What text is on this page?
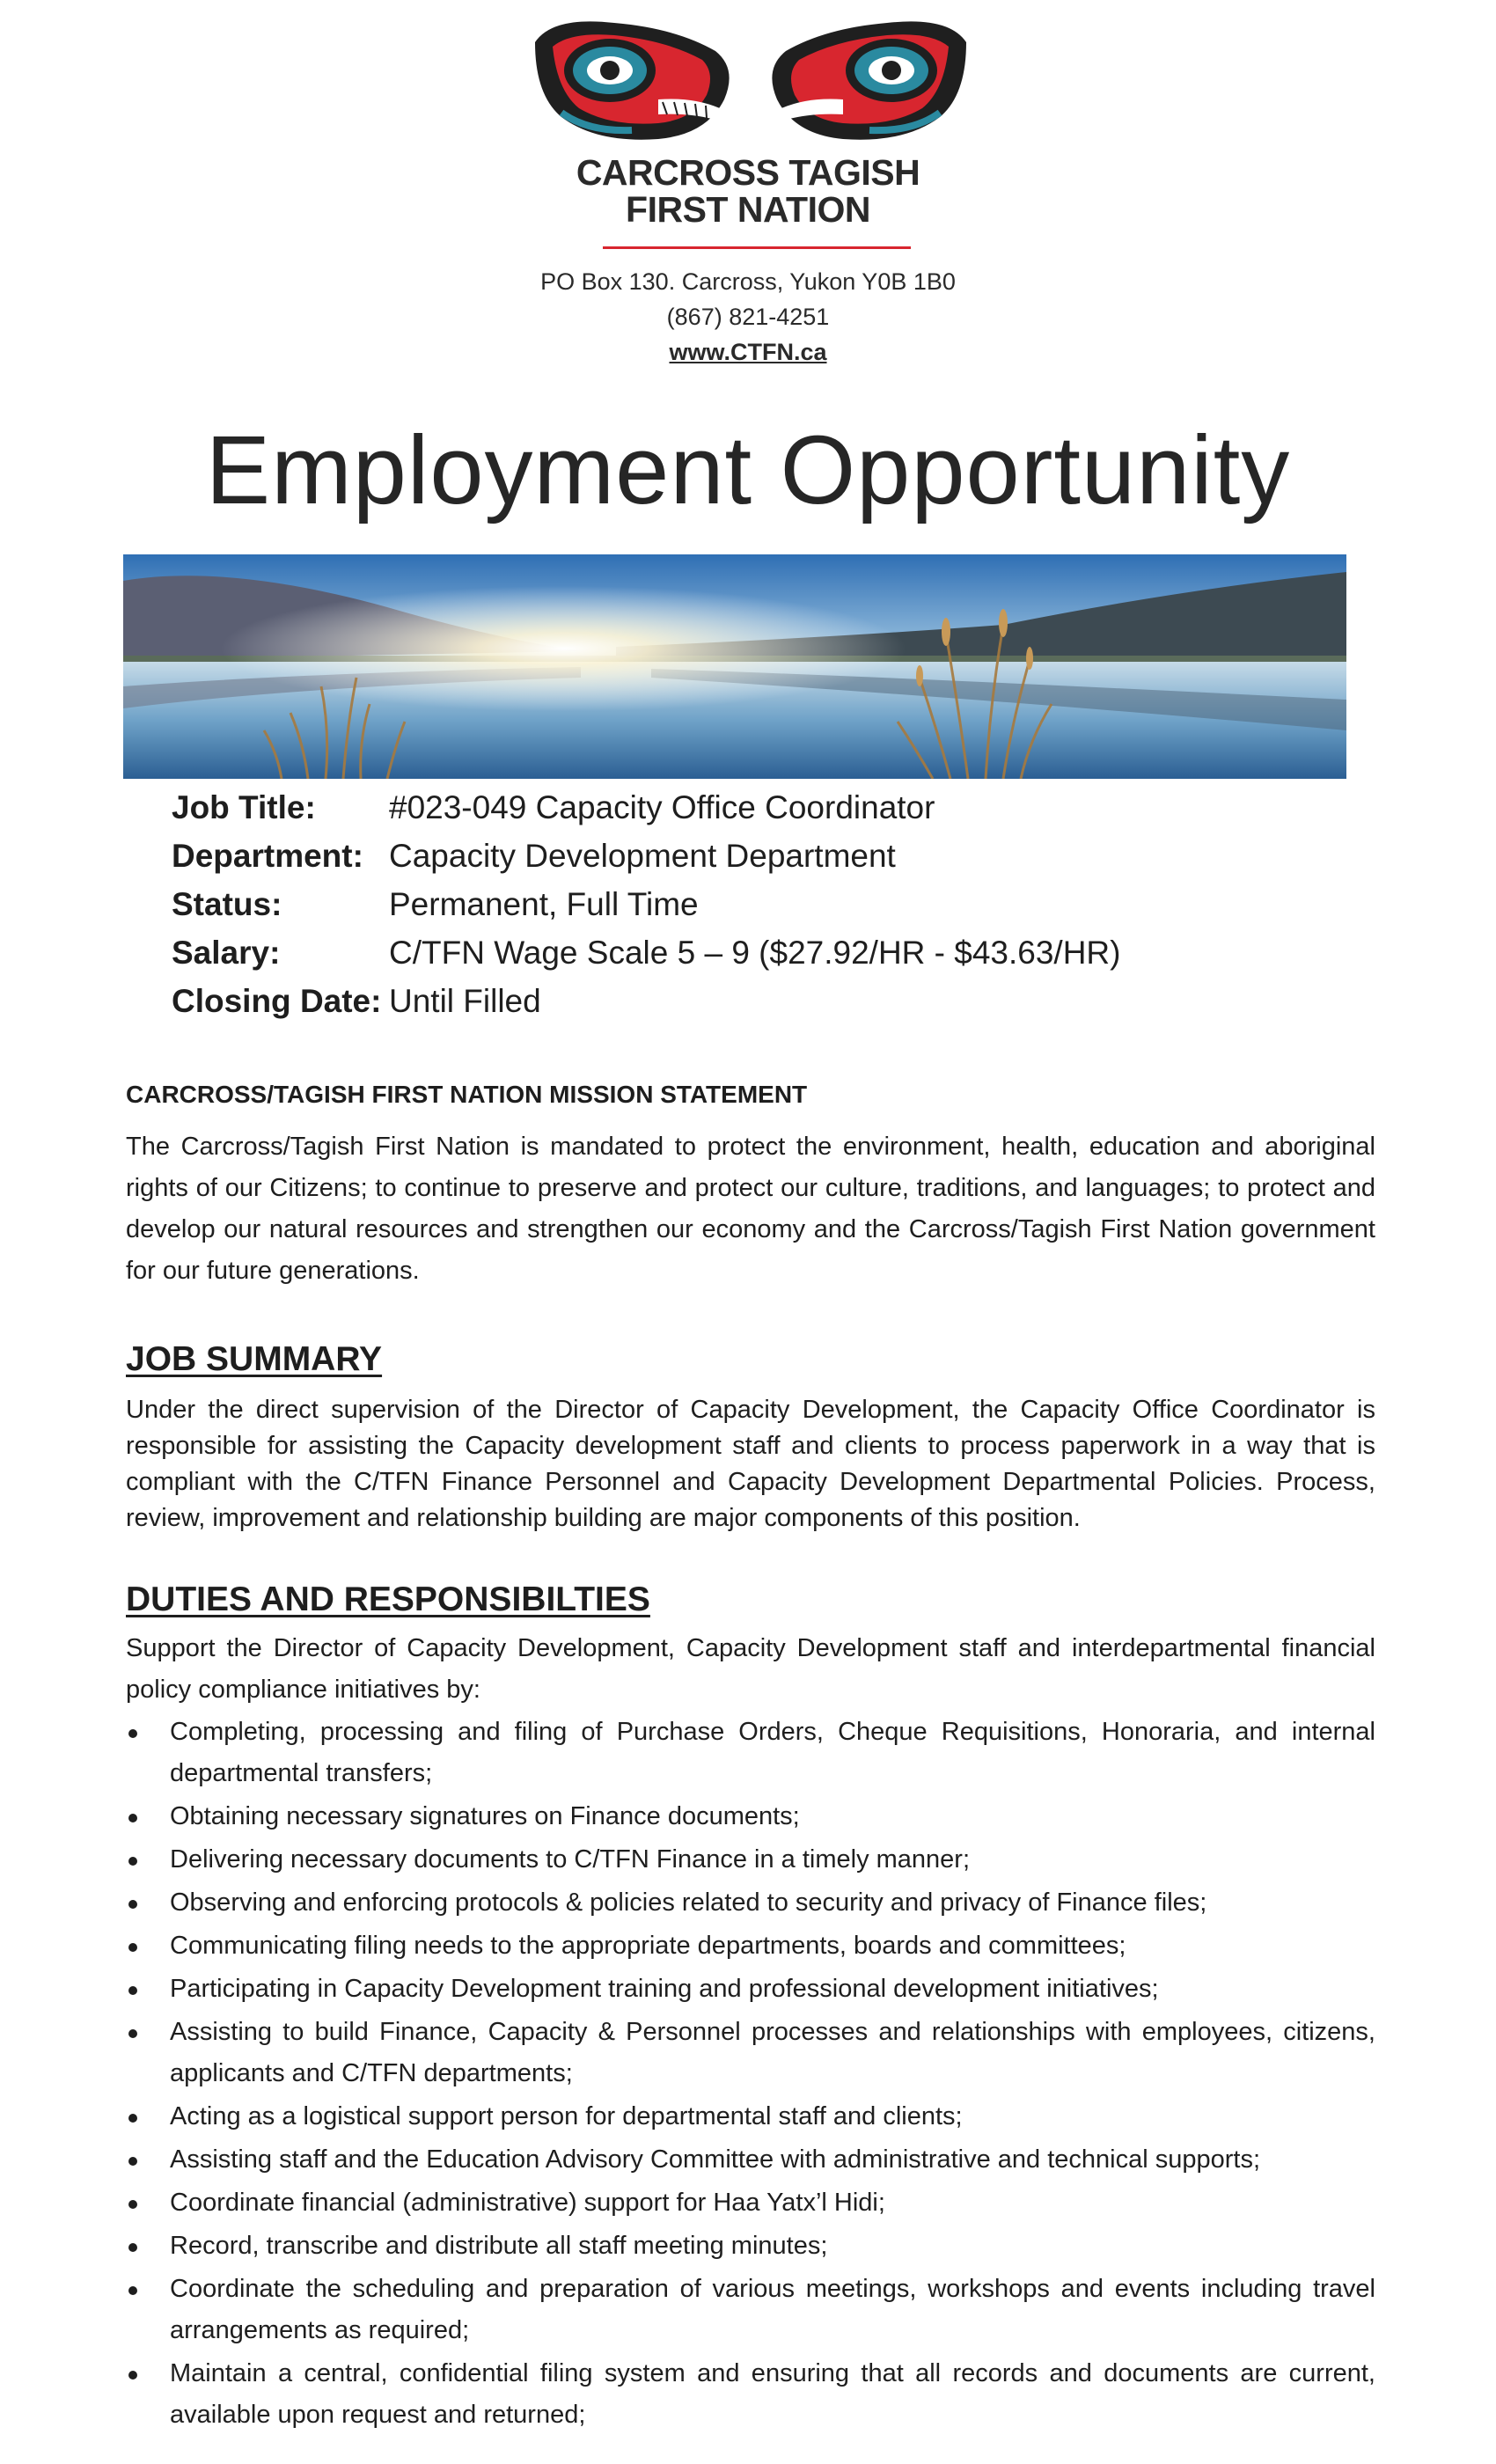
CARCROSS TAGISH
FIRST NATION
PO Box 130. Carcross, Yukon Y0B 1B0
(867) 821-4251
www.CTFN.ca
Employment Opportunity
Job Title:	#023-049 Capacity Office Coordinator
Department: Capacity Development Department
Status:	Permanent, Full Time
Salary:	C/TFN Wage Scale 5 – 9 ($27.92/HR - $43.63/HR)
Closing Date: Until Filled
CARCROSS/TAGISH FIRST NATION MISSION STATEMENT
The Carcross/Tagish First Nation is mandated to protect the environment, health, education and aboriginal rights of our Citizens; to continue to preserve and protect our culture, traditions, and languages; to protect and develop our natural resources and strengthen our economy and the Carcross/Tagish First Nation government for our future generations.
JOB SUMMARY
Under the direct supervision of the Director of Capacity Development, the Capacity Office Coordinator is responsible for assisting the Capacity development staff and clients to process paperwork in a way that is compliant with the C/TFN Finance Personnel and Capacity Development Departmental Policies. Process, review, improvement and relationship building are major components of this position.
DUTIES AND RESPONSIBILTIES
Support the Director of Capacity Development, Capacity Development staff and interdepartmental financial policy compliance initiatives by:
Completing, processing and filing of Purchase Orders, Cheque Requisitions, Honoraria, and internal departmental transfers;
Obtaining necessary signatures on Finance documents;
Delivering necessary documents to C/TFN Finance in a timely manner;
Observing and enforcing protocols & policies related to security and privacy of Finance files;
Communicating filing needs to the appropriate departments, boards and committees;
Participating in Capacity Development training and professional development initiatives;
Assisting to build Finance, Capacity & Personnel processes and relationships with employees, citizens, applicants and C/TFN departments;
Acting as a logistical support person for departmental staff and clients;
Assisting staff and the Education Advisory Committee with administrative and technical supports;
Coordinate financial (administrative) support for Haa Yatx’l Hidi;
Record, transcribe and distribute all staff meeting minutes;
Coordinate the scheduling and preparation of various meetings, workshops and events including travel arrangements as required;
Maintain a central, confidential filing system and ensuring that all records and documents are current, available upon request and returned;
